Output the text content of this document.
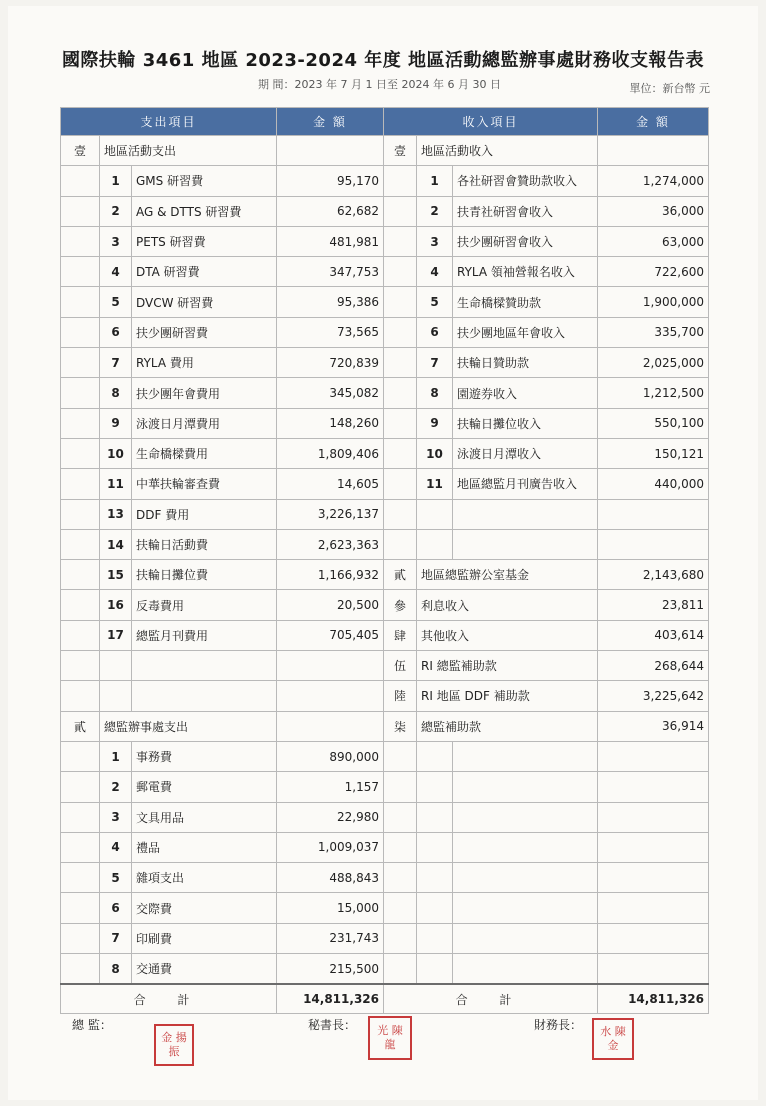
國際扶輪 3461 地區 2023-2024 年度 地區活動總監辦事處財務收支報告表
期 間：2023 年 7 月 1 日至 2024 年 6 月 30 日	單位：新台幣 元
支出項目			金 額	收入項目			金 額
壹	地區活動支出			壹	地區活動收入		
	1	GMS 研習費	95,170		1	各社研習會贊助款收入	1,274,000
	2	AG & DTTS 研習費	62,682		2	扶青社研習會收入	36,000
	3	PETS 研習費	481,981		3	扶少團研習會收入	63,000
	4	DTA 研習費	347,753		4	RYLA 領袖營報名收入	722,600
	5	DVCW 研習費	95,386		5	生命橋樑贊助款	1,900,000
	6	扶少團研習費	73,565		6	扶少團地區年會收入	335,700
	7	RYLA 費用	720,839		7	扶輪日贊助款	2,025,000
	8	扶少團年會費用	345,082		8	園遊券收入	1,212,500
	9	泳渡日月潭費用	148,260		9	扶輪日攤位收入	550,100
	10	生命橋樑費用	1,809,406		10	泳渡日月潭收入	150,121
	11	中華扶輪審查費	14,605		11	地區總監月刊廣告收入	440,000
	13	DDF 費用	3,226,137				
	14	扶輪日活動費	2,623,363				
	15	扶輪日攤位費	1,166,932	貳	地區總監辦公室基金		2,143,680
	16	反毒費用	20,500	參	利息收入		23,811
	17	總監月刊費用	705,405	肆	其他收入		403,614
				伍	RI 總監補助款		268,644
				陸	RI 地區 DDF 補助款		3,225,642
貳	總監辦事處支出			柒	總監補助款		36,914
	1	事務費	890,000				
	2	郵電費	1,157				
	3	文具用品	22,980				
	4	禮品	1,009,037				
	5	雜項支出	488,843				
	6	交際費	15,000				
	7	印刷費	231,743				
	8	交通費	215,500				
合 計			14,811,326	合 計			14,811,326
總 監：
金 揚 振
秘書長：	光 陳 龍
財務長：	水 陳 金
